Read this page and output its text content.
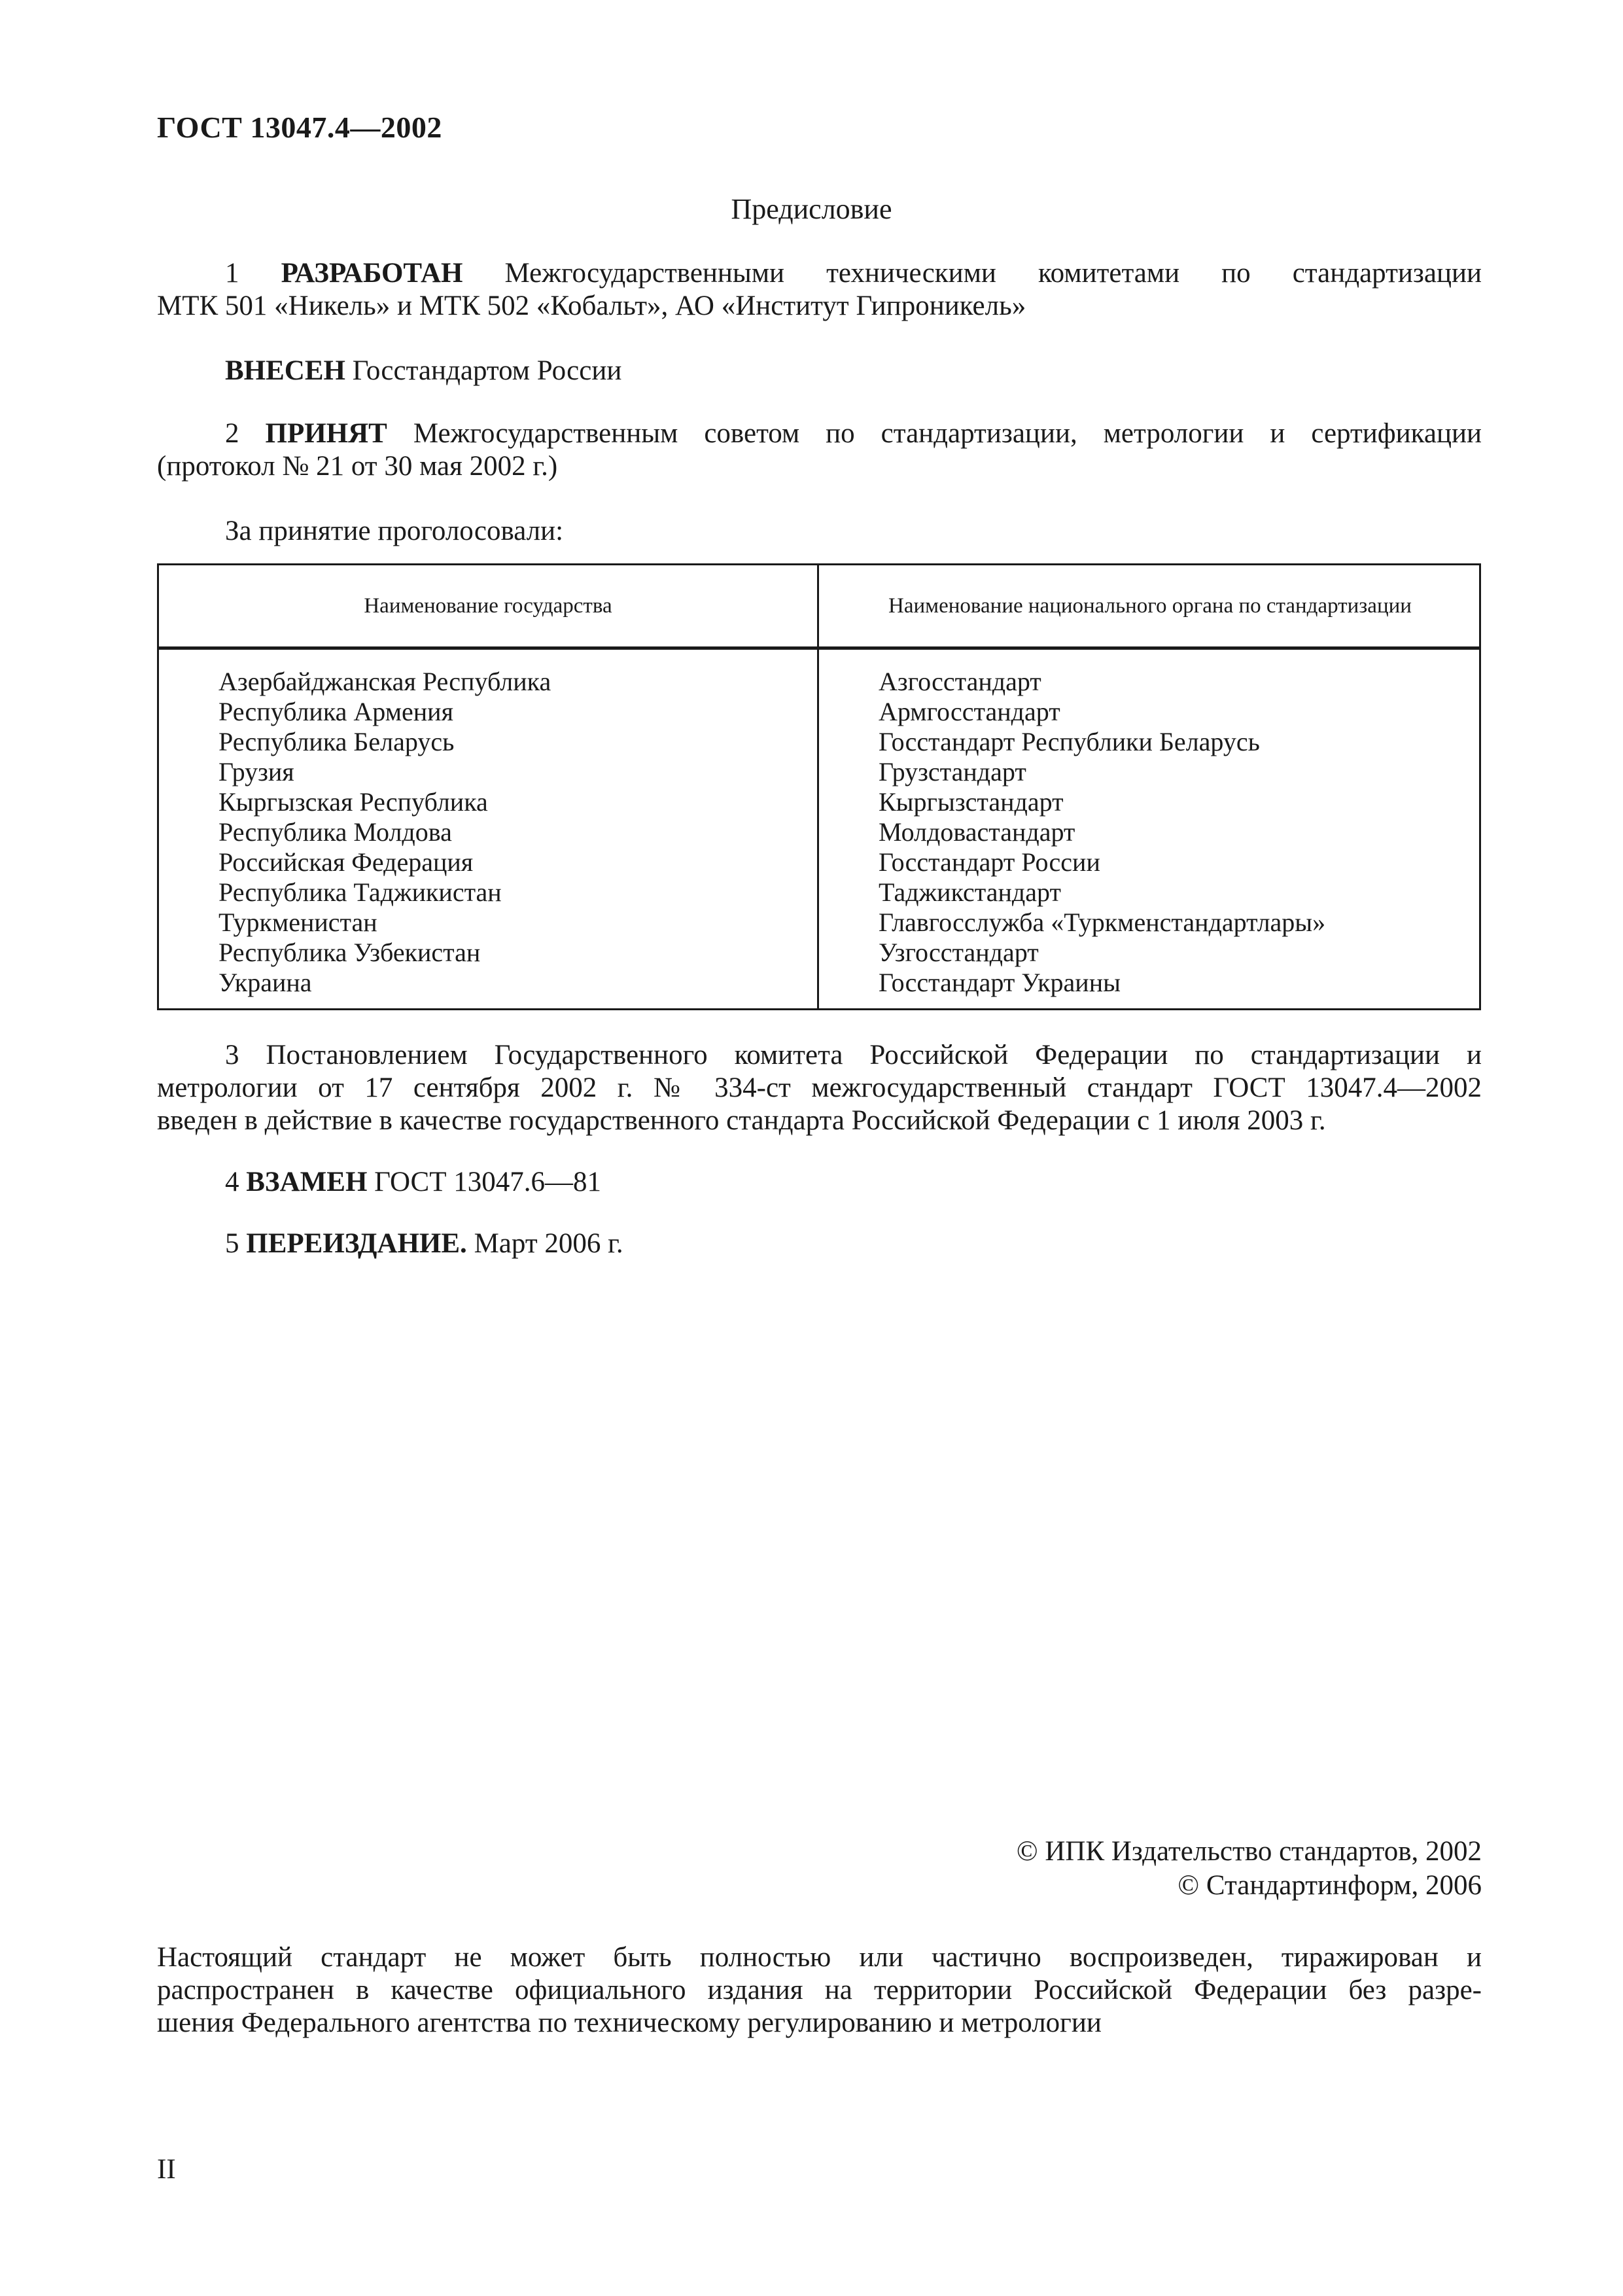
ГОСТ 13047.4—2002
Предисловие
1 РАЗРАБОТАН Межгосударственными техническими комитетами по стандартизации
МТК 501 «Никель» и МТК 502 «Кобальт», АО «Институт Гипроникель»
ВНЕСЕН Госстандартом России
2 ПРИНЯТ Межгосударственным советом по стандартизации, метрологии и сертификации
(протокол № 21 от 30 мая 2002 г.)
За принятие проголосовали:
Наименование государства	Наименование национального органа по стандартизации
Азербайджанская Республика
Республика Армения
Республика Беларусь
Грузия
Кыргызская Республика
Республика Молдова
Российская Федерация
Республика Таджикистан
Туркменистан
Республика Узбекистан
Украина
Азгосстандарт
Армгосстандарт
Госстандарт Республики Беларусь
Грузстандарт
Кыргызстандарт
Молдовастандарт
Госстандарт России
Таджикстандарт
Главгосслужба «Туркменстандартлары»
Узгосстандарт
Госстандарт Украины
3 Постановлением Государственного комитета Российской Федерации по стандартизации и
метрологии от 17 сентября 2002 г. № 334-ст межгосударственный стандарт ГОСТ 13047.4—2002
введен в действие в качестве государственного стандарта Российской Федерации с 1 июля 2003 г.
4 ВЗАМЕН ГОСТ 13047.6—81
5 ПЕРЕИЗДАНИЕ. Март 2006 г.
© ИПК Издательство стандартов, 2002
© Стандартинформ, 2006
Настоящий стандарт не может быть полностью или частично воспроизведен, тиражирован и
распространен в качестве официального издания на территории Российской Федерации без разре-
шения Федерального агентства по техническому регулированию и метрологии
II
